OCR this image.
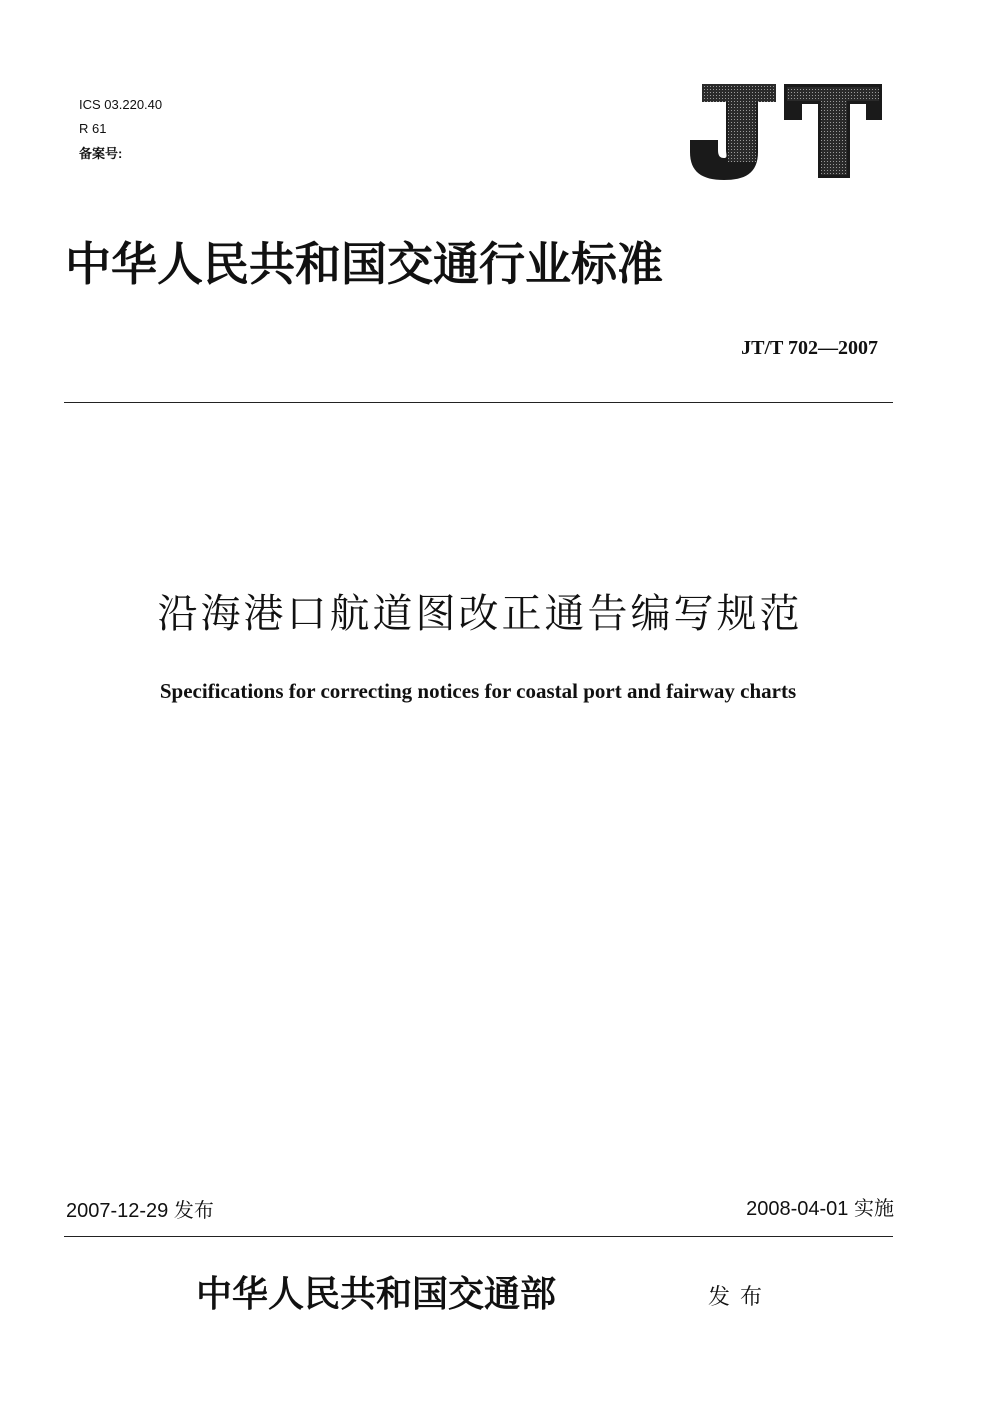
ICS 03.220.40
R 61
备案号:
中华人民共和国交通行业标准
JT/T 702—2007
沿海港口航道图改正通告编写规范
Specifications for correcting notices for coastal port and fairway charts
2007-12-29 发布	2008-04-01 实施
中华人民共和国交通部	发布
